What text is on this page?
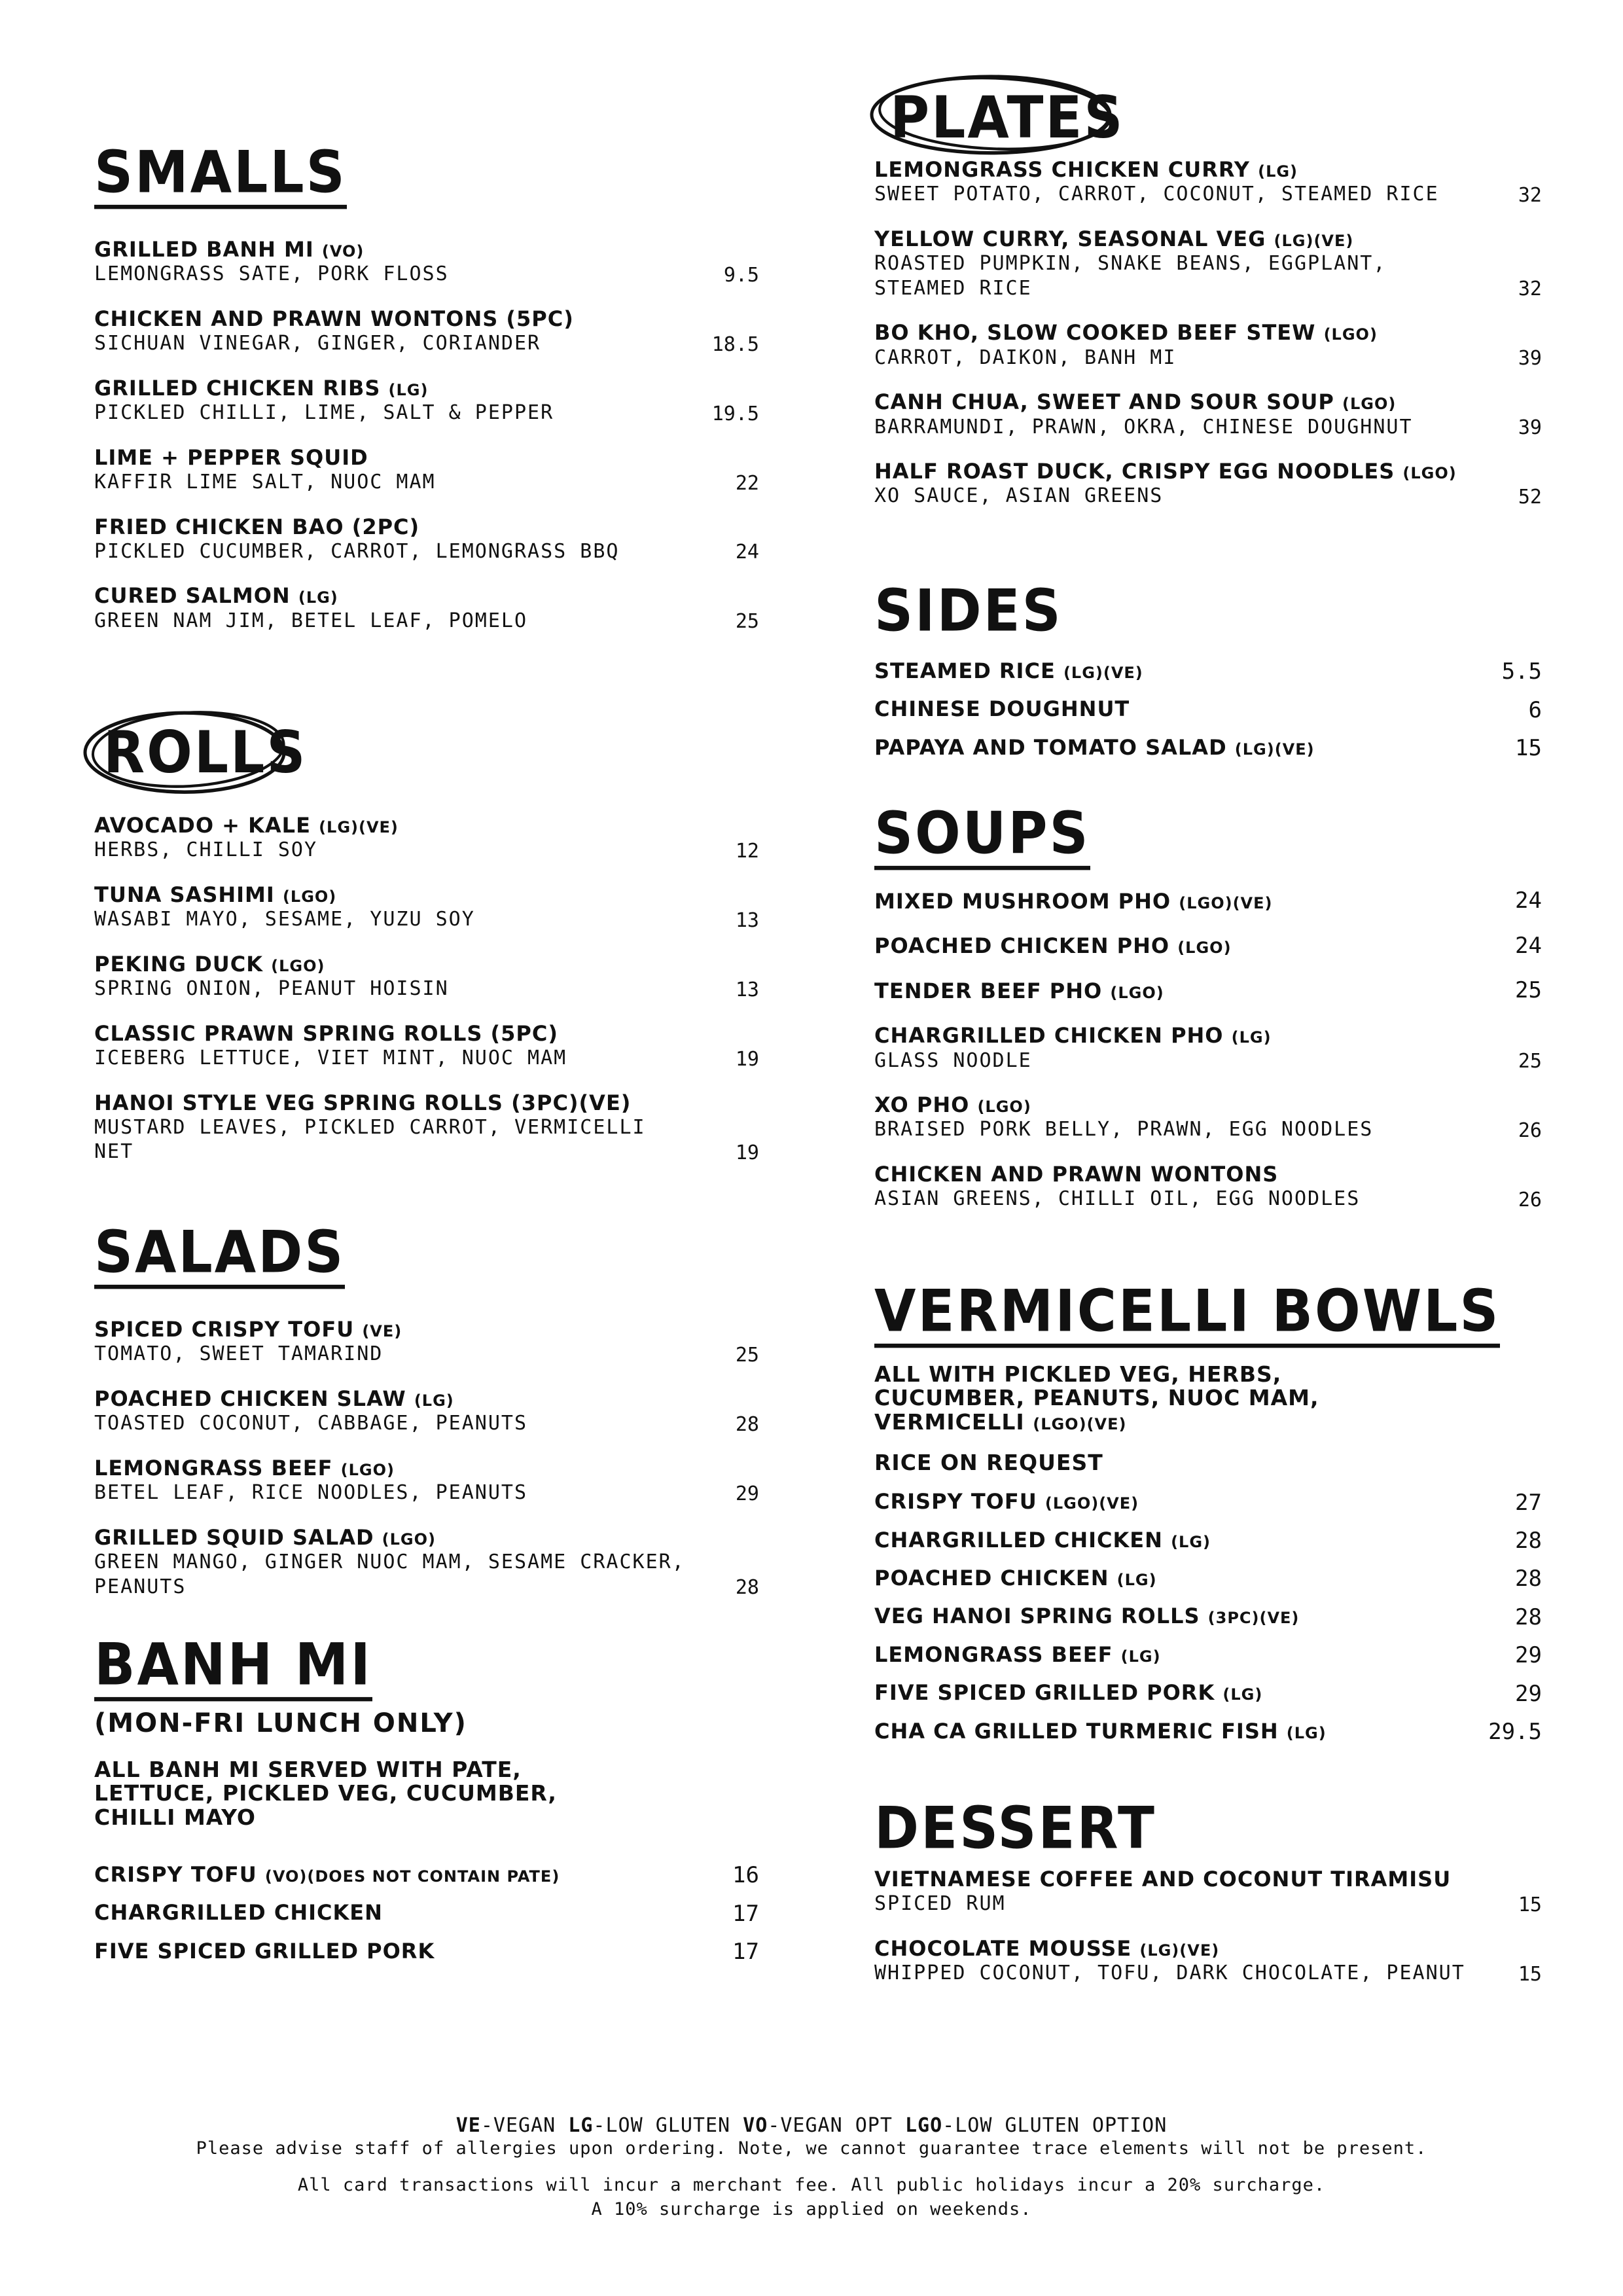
SMALLS
GRILLED BANH MI (VO)
LEMONGRASS SATE, PORK FLOSS	9.5
CHICKEN AND PRAWN WONTONS (5PC)
SICHUAN VINEGAR, GINGER, CORIANDER	18.5
GRILLED CHICKEN RIBS (LG)
PICKLED CHILLI, LIME, SALT & PEPPER	19.5
LIME + PEPPER SQUID
KAFFIR LIME SALT, NUOC MAM	22
FRIED CHICKEN BAO (2PC)
PICKLED CUCUMBER, CARROT, LEMONGRASS BBQ	24
CURED SALMON (LG)
GREEN NAM JIM, BETEL LEAF, POMELO	25
ROLLS
AVOCADO + KALE (LG)(VE)
HERBS, CHILLI SOY	12
TUNA SASHIMI (LGO)
WASABI MAYO, SESAME, YUZU SOY	13
PEKING DUCK (LGO)
SPRING ONION, PEANUT HOISIN	13
CLASSIC PRAWN SPRING ROLLS (5PC)
ICEBERG LETTUCE, VIET MINT, NUOC MAM	19
HANOI STYLE VEG SPRING ROLLS (3PC)(VE)
MUSTARD LEAVES, PICKLED CARROT, VERMICELLI NET	19
SALADS
SPICED CRISPY TOFU (VE)
TOMATO, SWEET TAMARIND	25
POACHED CHICKEN SLAW (LG)
TOASTED COCONUT, CABBAGE, PEANUTS	28
LEMONGRASS BEEF (LGO)
BETEL LEAF, RICE NOODLES, PEANUTS	29
GRILLED SQUID SALAD (LGO)
GREEN MANGO, GINGER NUOC MAM, SESAME CRACKER, PEANUTS	28
BANH MI
(MON-FRI LUNCH ONLY)
ALL BANH MI SERVED WITH PATE, LETTUCE, PICKLED VEG, CUCUMBER, CHILLI MAYO
CRISPY TOFU (VO)(DOES NOT CONTAIN PATE)	16
CHARGRILLED CHICKEN	17
FIVE SPICED GRILLED PORK	17
PLATES
LEMONGRASS CHICKEN CURRY (LG)
SWEET POTATO, CARROT, COCONUT, STEAMED RICE	32
YELLOW CURRY, SEASONAL VEG (LG)(VE)
ROASTED PUMPKIN, SNAKE BEANS, EGGPLANT, STEAMED RICE	32
BO KHO, SLOW COOKED BEEF STEW (LGO)
CARROT, DAIKON, BANH MI	39
CANH CHUA, SWEET AND SOUR SOUP (LGO)
BARRAMUNDI, PRAWN, OKRA, CHINESE DOUGHNUT	39
HALF ROAST DUCK, CRISPY EGG NOODLES (LGO)
XO SAUCE, ASIAN GREENS	52
SIDES
STEAMED RICE (LG)(VE)	5.5
CHINESE DOUGHNUT	6
PAPAYA AND TOMATO SALAD (LG)(VE)	15
SOUPS
MIXED MUSHROOM PHO (LGO)(VE)	24
POACHED CHICKEN PHO (LGO)	24
TENDER BEEF PHO (LGO)	25
CHARGRILLED CHICKEN PHO (LG)
GLASS NOODLE	25
XO PHO (LGO)
BRAISED PORK BELLY, PRAWN, EGG NOODLES	26
CHICKEN AND PRAWN WONTONS
ASIAN GREENS, CHILLI OIL, EGG NOODLES	26
VERMICELLI BOWLS
ALL WITH PICKLED VEG, HERBS, CUCUMBER, PEANUTS, NUOC MAM, VERMICELLI (LGO)(VE)
RICE ON REQUEST
CRISPY TOFU (LGO)(VE)	27
CHARGRILLED CHICKEN (LG)	28
POACHED CHICKEN (LG)	28
VEG HANOI SPRING ROLLS (3PC)(VE)	28
LEMONGRASS BEEF (LG)	29
FIVE SPICED GRILLED PORK (LG)	29
CHA CA GRILLED TURMERIC FISH (LG)	29.5
DESSERT
VIETNAMESE COFFEE AND COCONUT TIRAMISU
SPICED RUM	15
CHOCOLATE MOUSSE (LG)(VE)
WHIPPED COCONUT, TOFU, DARK CHOCOLATE, PEANUT	15
VE-VEGAN LG-LOW GLUTEN VO-VEGAN OPT LGO-LOW GLUTEN OPTION
Please advise staff of allergies upon ordering. Note, we cannot guarantee trace elements will not be present.
All card transactions will incur a merchant fee. All public holidays incur a 20% surcharge.
A 10% surcharge is applied on weekends.
